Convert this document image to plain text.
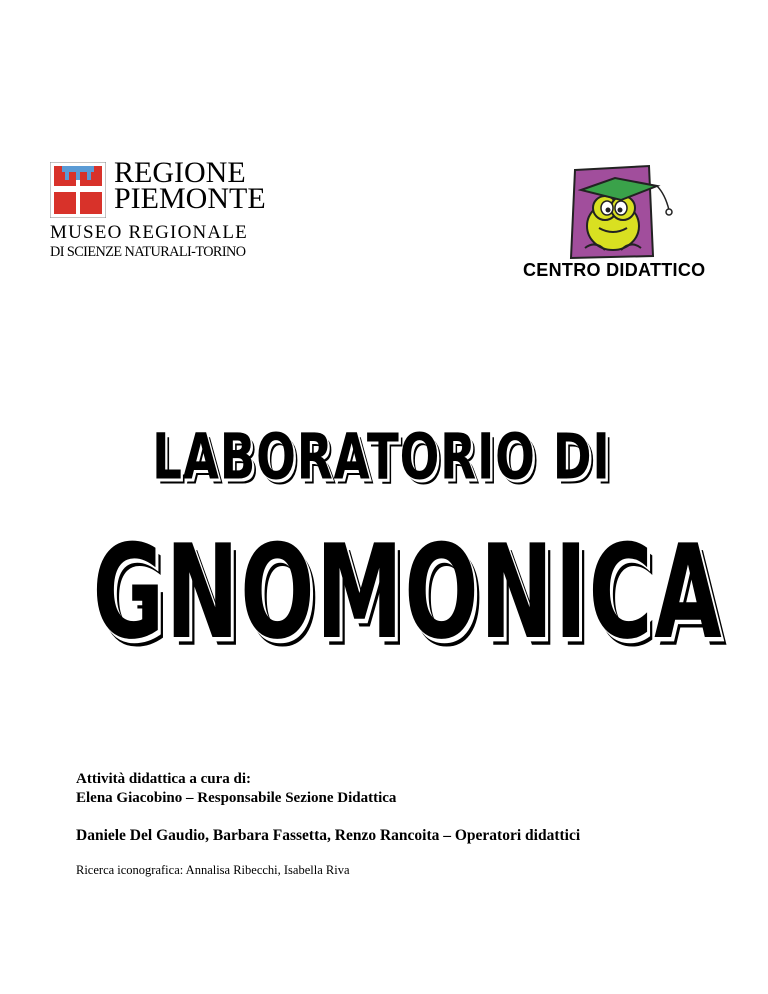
REGIONE
PIEMONTE
MUSEO REGIONALE
DI SCIENZE NATURALI-TORINO
CENTRO DIDATTICO
LABORATORIO DI
GNOMONICA
Attività didattica a cura di:
Elena Giacobino – Responsabile Sezione Didattica
Daniele Del Gaudio, Barbara Fassetta, Renzo Rancoita – Operatori didattici
Ricerca iconografica: Annalisa Ribecchi, Isabella Riva
